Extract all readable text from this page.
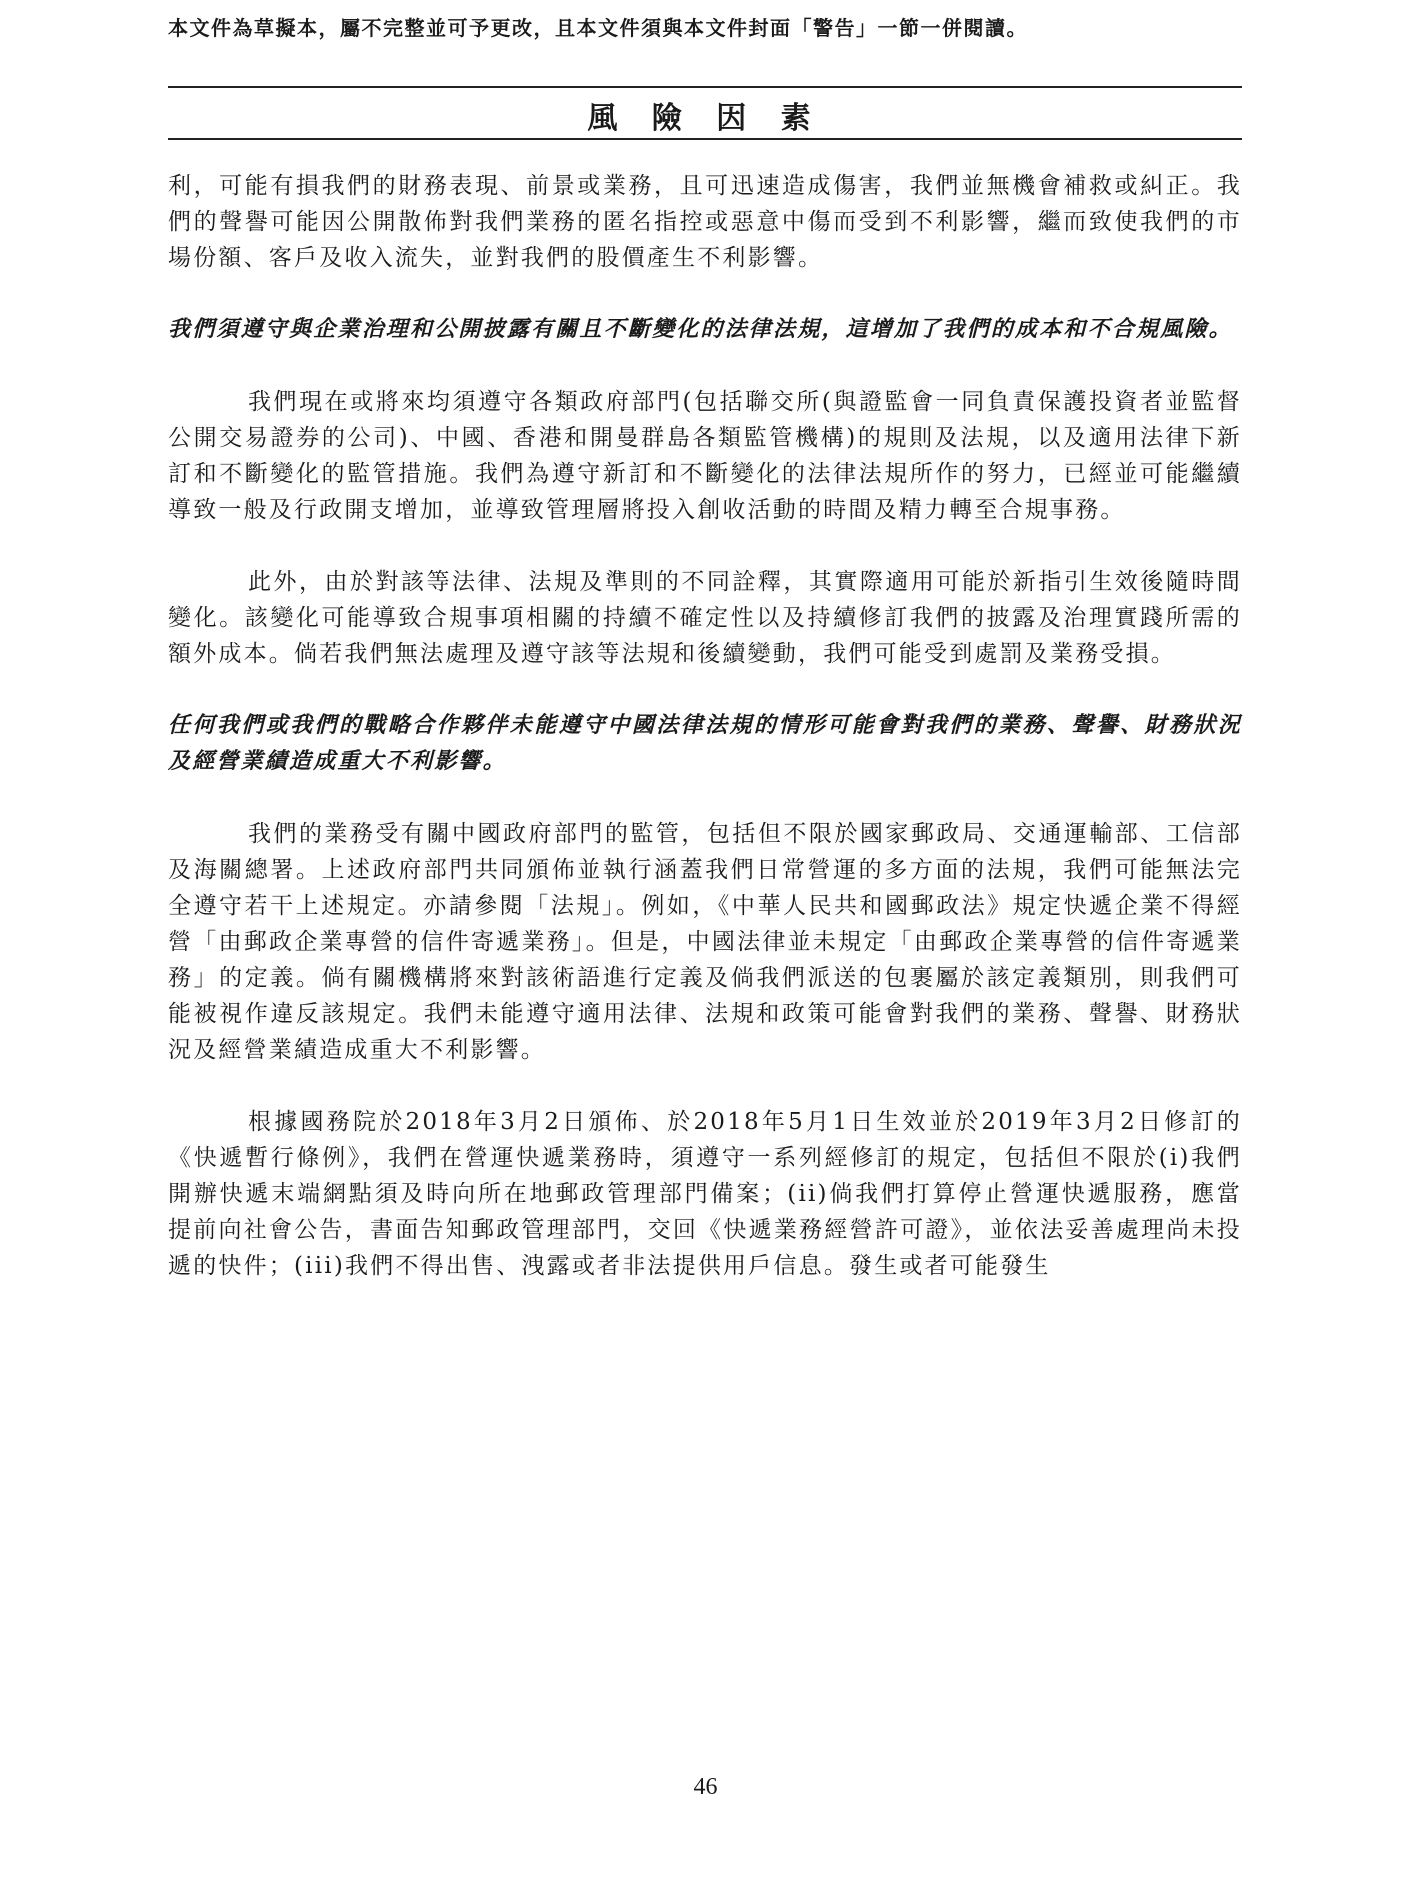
本文件為草擬本，屬不完整並可予更改，且本文件須與本文件封面「警告」一節一併閱讀。
風 險 因 素

利，可能有損我們的財務表現、前景或業務，且可迅速造成傷害，我們並無機會補救或糾正。我們的聲譽可能因公開散佈對我們業務的匿名指控或惡意中傷而受到不利影響，繼而致使我們的市場份額、客戶及收入流失，並對我們的股價產生不利影響。

我們須遵守與企業治理和公開披露有關且不斷變化的法律法規，這增加了我們的成本和不合規風險。

我們現在或將來均須遵守各類政府部門(包括聯交所(與證監會一同負責保護投資者並監督公開交易證券的公司)、中國、香港和開曼群島各類監管機構)的規則及法規，以及適用法律下新訂和不斷變化的監管措施。我們為遵守新訂和不斷變化的法律法規所作的努力，已經並可能繼續導致一般及行政開支增加，並導致管理層將投入創收活動的時間及精力轉至合規事務。

此外，由於對該等法律、法規及準則的不同詮釋，其實際適用可能於新指引生效後隨時間變化。該變化可能導致合規事項相關的持續不確定性以及持續修訂我們的披露及治理實踐所需的額外成本。倘若我們無法處理及遵守該等法規和後續變動，我們可能受到處罰及業務受損。

任何我們或我們的戰略合作夥伴未能遵守中國法律法規的情形可能會對我們的業務、聲譽、財務狀況及經營業績造成重大不利影響。

我們的業務受有關中國政府部門的監管，包括但不限於國家郵政局、交通運輸部、工信部及海關總署。上述政府部門共同頒佈並執行涵蓋我們日常營運的多方面的法規，我們可能無法完全遵守若干上述規定。亦請參閱「法規」。例如，《中華人民共和國郵政法》規定快遞企業不得經營「由郵政企業專營的信件寄遞業務」。但是，中國法律並未規定「由郵政企業專營的信件寄遞業務」的定義。倘有關機構將來對該術語進行定義及倘我們派送的包裹屬於該定義類別，則我們可能被視作違反該規定。我們未能遵守適用法律、法規和政策可能會對我們的業務、聲譽、財務狀況及經營業績造成重大不利影響。

根據國務院於2018年3月2日頒佈、於2018年5月1日生效並於2019年3月2日修訂的《快遞暫行條例》，我們在營運快遞業務時，須遵守一系列經修訂的規定，包括但不限於(i)我們開辦快遞末端網點須及時向所在地郵政管理部門備案；(ii)倘我們打算停止營運快遞服務，應當提前向社會公告，書面告知郵政管理部門，交回《快遞業務經營許可證》，並依法妥善處理尚未投遞的快件；(iii)我們不得出售、洩露或者非法提供用戶信息。發生或者可能發生

46
